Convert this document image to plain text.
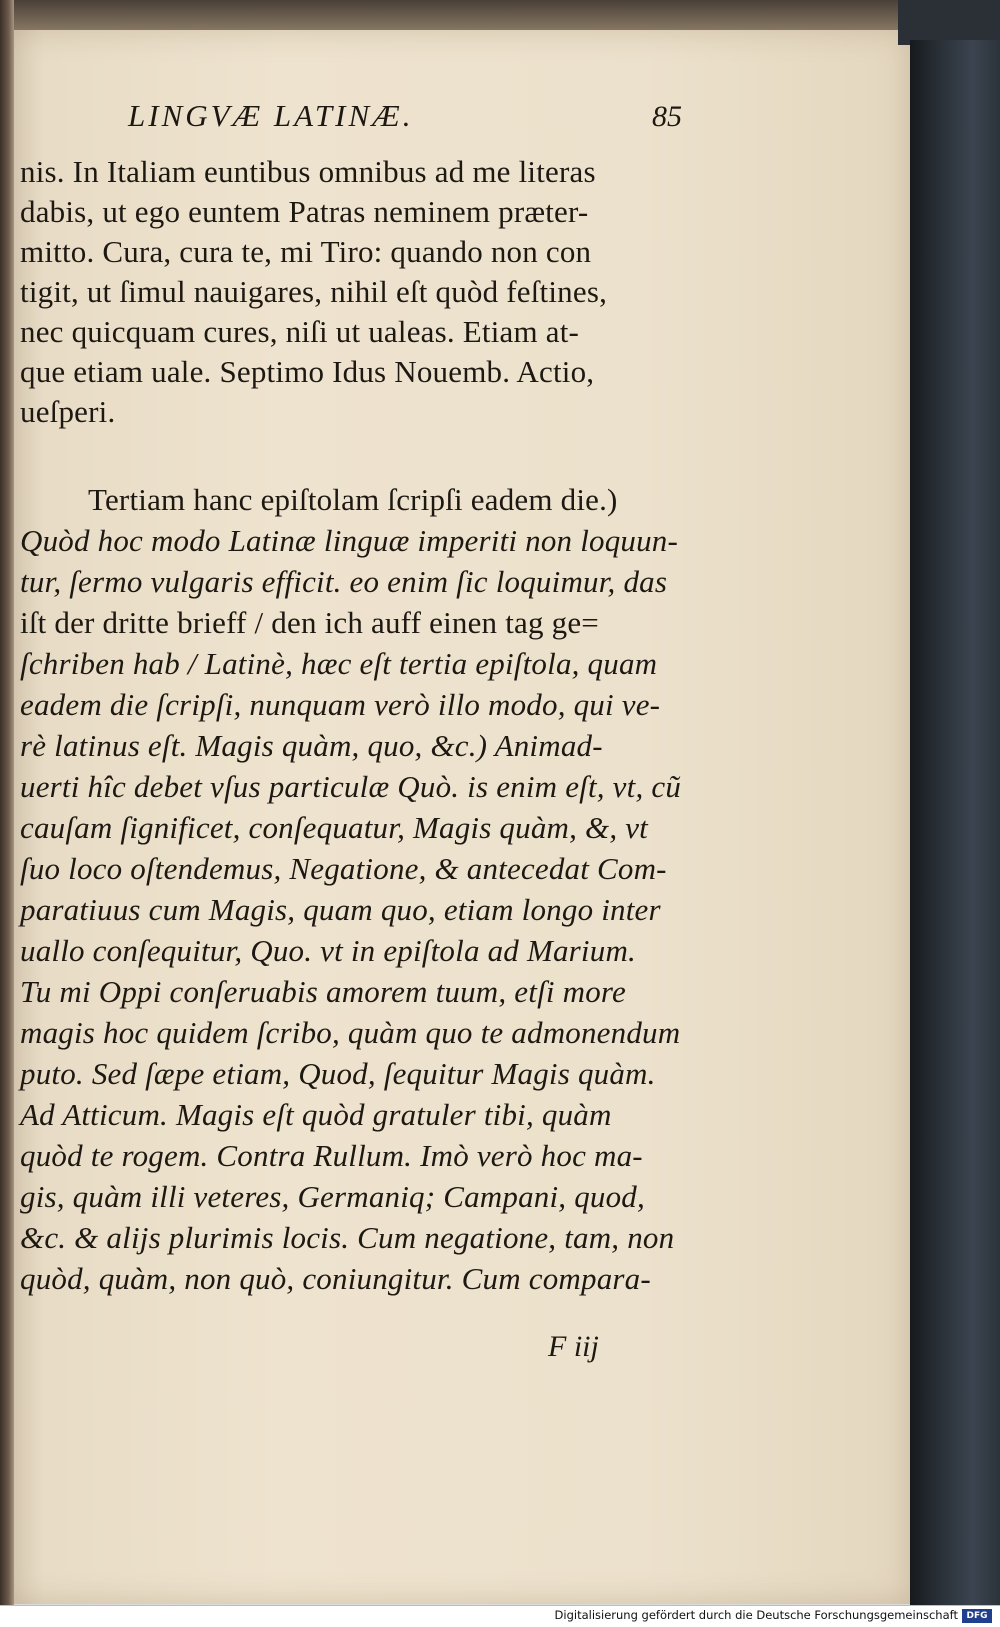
LINGVÆ LATINÆ.	85
nis. In Italiam euntibus omnibus ad me literas
dabis, ut ego euntem Patras neminem præter-
mitto. Cura, cura te, mi Tiro: quando non con
tigit, ut ſimul nauigares, nihil eſt quòd feſtines,
nec quicquam cures, niſi ut ualeas. Etiam at-
que etiam uale. Septimo Idus Nouemb. Actio,
ueſperi.
Tertiam hanc epiſtolam ſcripſi eadem die.)
Quòd hoc modo Latinæ linguæ imperiti non loquun-
tur, ſermo vulgaris efficit. eo enim ſic loquimur, das
iſt der dritte brieff / den ich auff einen tag ge=
ſchriben hab / Latinè, hæc eſt tertia epiſtola, quam
eadem die ſcripſi, nunquam verò illo modo, qui ve-
rè latinus eſt. Magis quàm, quo, &c.) Animad-
uerti hîc debet vſus particulæ Quò. is enim eſt, vt, cũ
cauſam ſignificet, conſequatur, Magis quàm, &, vt
ſuo loco oſtendemus, Negatione, & antecedat Com-
paratiuus cum Magis, quam quo, etiam longo inter
uallo conſequitur, Quo. vt in epiſtola ad Marium.
Tu mi Oppi conſeruabis amorem tuum, etſi more
magis hoc quidem ſcribo, quàm quo te admonendum
puto. Sed ſæpe etiam, Quod, ſequitur Magis quàm.
Ad Atticum. Magis eſt quòd gratuler tibi, quàm
quòd te rogem. Contra Rullum. Imò verò hoc ma-
gis, quàm illi veteres, Germaniq; Campani, quod,
&c. & alijs plurimis locis. Cum negatione, tam, non
quòd, quàm, non quò, coniungitur. Cum compara-
F iij
Digitalisierung gefördert durch die Deutsche Forschungsgemeinschaft DFG
